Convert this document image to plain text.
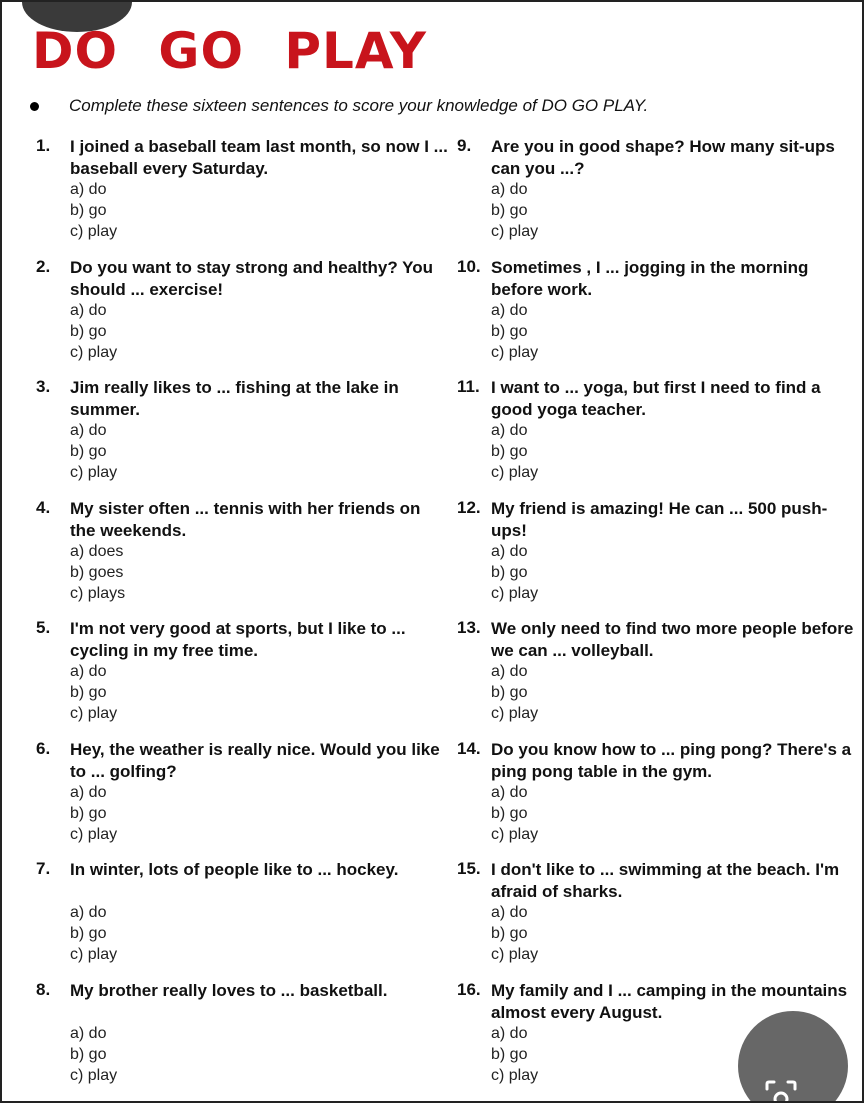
DO GO PLAY
Complete these sixteen sentences to score your knowledge of DO GO PLAY.
1. I joined a baseball team last month, so now I ... baseball every Saturday.
a) do
b) go
c) play
2. Do you want to stay strong and healthy? You should ... exercise!
a) do
b) go
c) play
3. Jim really likes to ... fishing at the lake in summer.
a) do
b) go
c) play
4. My sister often ... tennis with her friends on the weekends.
a) does
b) goes
c) plays
5. I'm not very good at sports, but I like to ... cycling in my free time.
a) do
b) go
c) play
6. Hey, the weather is really nice. Would you like to ... golfing?
a) do
b) go
c) play
7. In winter, lots of people like to ... hockey.
a) do
b) go
c) play
8. My brother really loves to ... basketball.
a) do
b) go
c) play
9. Are you in good shape? How many sit-ups can you ...?
a) do
b) go
c) play
10. Sometimes , I ... jogging in the morning before work.
a) do
b) go
c) play
11. I want to ... yoga, but first I need to find a good yoga teacher.
a) do
b) go
c) play
12. My friend is amazing! He can ... 500 push-ups!
a) do
b) go
c) play
13. We only need to find two more people before we can ... volleyball.
a) do
b) go
c) play
14. Do you know how to ... ping pong? There's a ping pong table in the gym.
a) do
b) go
c) play
15. I don't like to ... swimming at the beach. I'm afraid of sharks.
a) do
b) go
c) play
16. My family and I ... camping in the mountains almost every August.
a) do
b) go
c) play
